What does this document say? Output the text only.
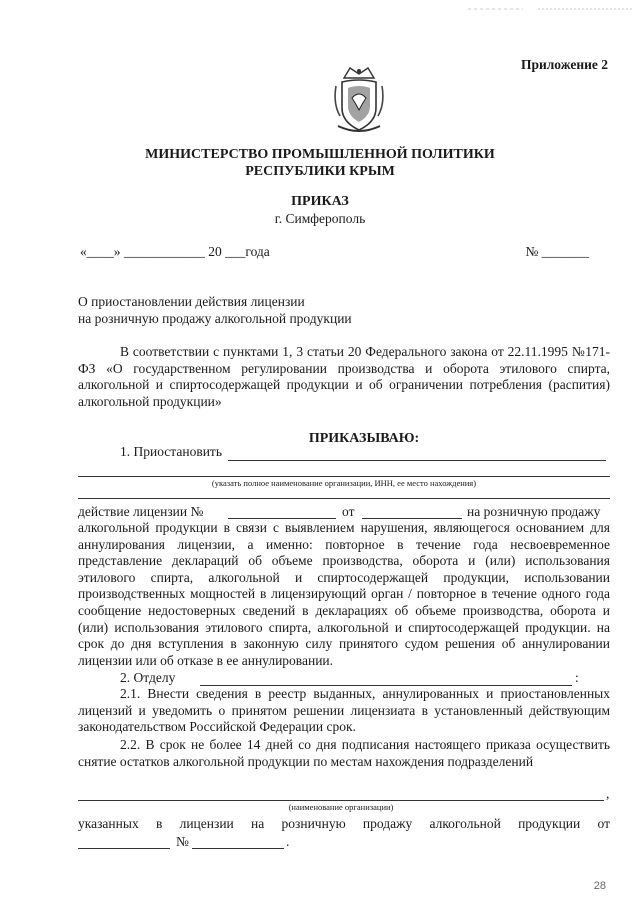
Приложение 2
МИНИСТЕРСТВО ПРОМЫШЛЕННОЙ ПОЛИТИКИ
РЕСПУБЛИКИ КРЫМ
ПРИКАЗ
г. Симферополь
«____» ____________ 20 ___года	№ _______
О приостановлении действия лицензии
на розничную продажу алкогольной продукции
В соответствии с пунктами 1, 3 статьи 20 Федерального закона от 22.11.1995 №171-ФЗ «О государственном регулировании производства и оборота этилового спирта, алкогольной и спиртосодержащей продукции и об ограничении потребления (распития) алкогольной продукции»
ПРИКАЗЫВАЮ:
1. Приостановить
(указать полное наименование организации, ИНН, ее место нахождения)
действие лицензии №	от	на розничную продажу
алкогольной продукции в связи с выявлением нарушения, являющегося основанием для аннулирования лицензии, а именно: повторное в течение года несвоевременное представление деклараций об объеме производства, оборота и (или) использования этилового спирта, алкогольной и спиртосодержащей продукции, использовании производственных мощностей в лицензирующий орган / повторное в течение одного года сообщение недостоверных сведений в декларациях об объеме производства, оборота и (или) использования этилового спирта, алкогольной и спиртосодержащей продукции. на срок до дня вступления в законную силу принятого судом решения об аннулировании лицензии или об отказе в ее аннулировании.
2. Отделу	:
2.1. Внести сведения в реестр выданных, аннулированных и приостановленных лицензий и уведомить о принятом решении лицензиата в установленный действующим законодательством Российской Федерации срок.
2.2. В срок не более 14 дней со дня подписания настоящего приказа осуществить снятие остатков алкогольной продукции по местам нахождения подразделений
,
(наименование организации)
указанных в лицензии на розничную продажу алкогольной продукции от
№	.
28
